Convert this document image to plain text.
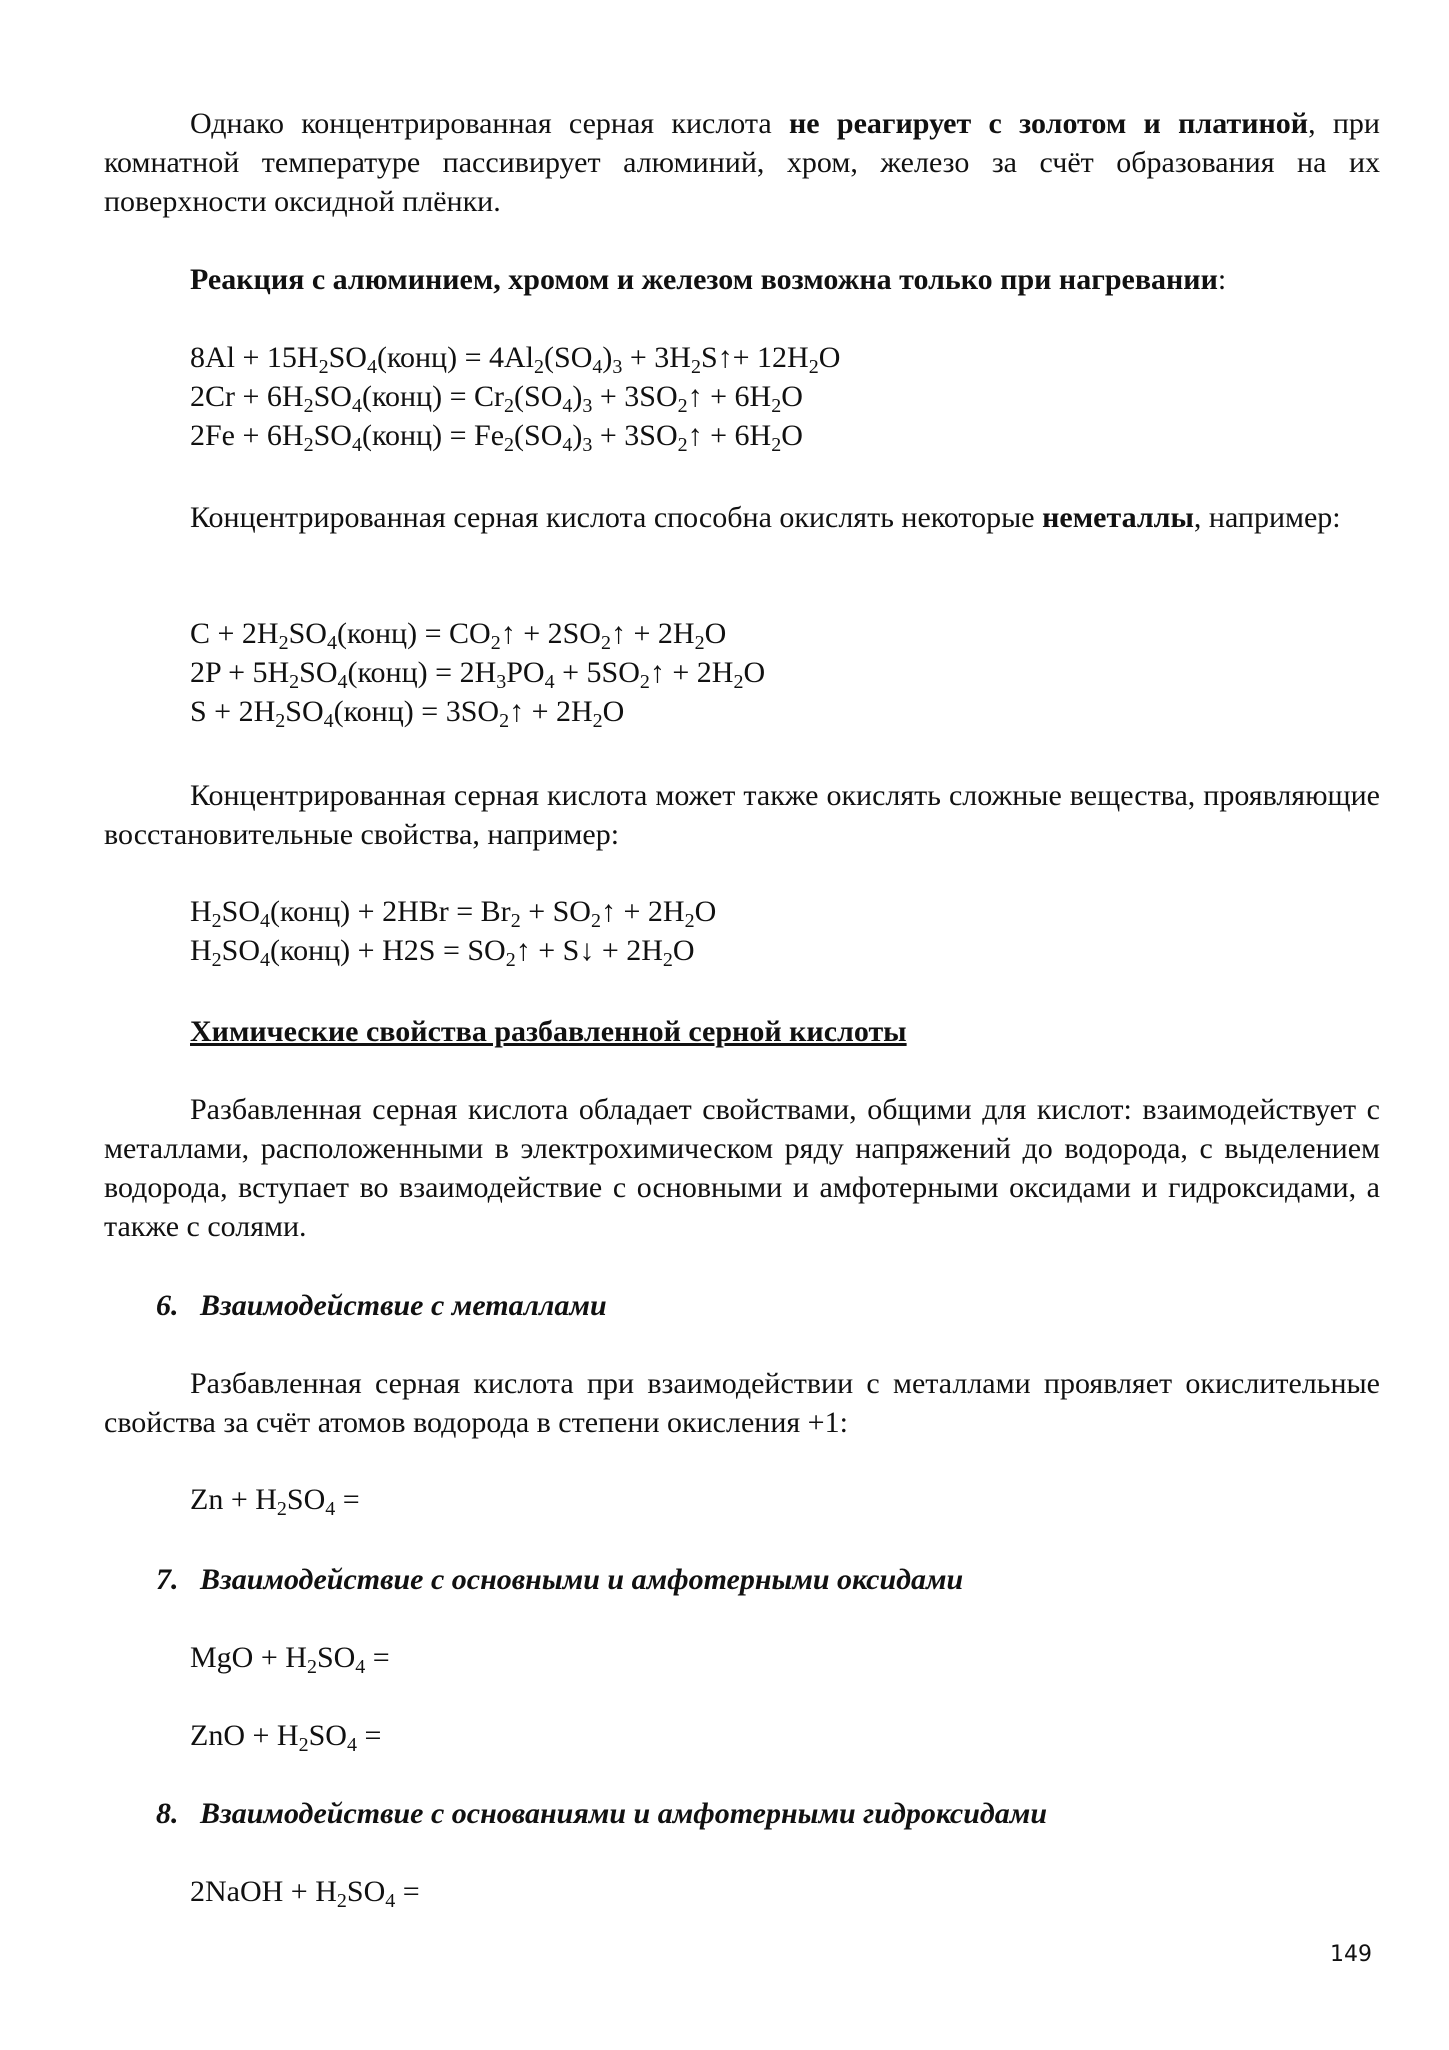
Однако концентрированная серная кислота не реагирует с золотом и платиной, при комнатной температуре пассивирует алюминий, хром, железо за счёт образования на их поверхности оксидной плёнки.

Реакция с алюминием, хромом и железом возможна только при нагревании:
$8Al + 15H_2SO_4(конц) = 4Al_2(SO_4)_3$ + $3H_2S↑+ 12H_2O$
$2Cr + 6H_2SO_4(конц) = Cr_2(SO_4)_3$ + $3SO_2↑ + 6H_2O$
$2Fe + 6H_2SO_4(конц) = Fe_2(SO_4)_3$ + $3SO_2↑ + 6H_2O$

Концентрированная серная кислота способна окислять некоторые неметаллы, например:

$C + 2H_2SO_4(конц)$ = $CO_2↑$ + $2SO_2↑ + 2H_2O$
$2P + 5H_2SO_4(конц) = 2H_3PO_4$ + $5SO_2↑ + 2H_2O$
$S + 2H_2SO_4(конц)$ = $3SO_2↑ + 2H_2O$

Концентрированная серная кислота может также окислять сложные вещества, проявляющие восстановительные свойства, например:

$H_2SO_4(конц) + 2HBr = Br_2$ + $SO_2↑ + 2H_2O$
$H_2SO_4(конц) + H2S$ = $SO_2↑$ + S↓ + $2H_2O$
Химические свойства разбавленной серной кислоты

Разбавленная серная кислота обладает свойствами, общими для кислот: взаимодействует с металлами, расположенными в электрохимическом ряду напряжений до водорода, с выделением водорода, вступает во взаимодействие с основными и амфотерными оксидами и гидроксидами, а также с солями.

6. Взаимодействие с металлами

Разбавленная серная кислота при взаимодействии с металлами проявляет окислительные свойства за счёт атомов водорода в степени окисления +1:

$Zn + H_2SO_4$ =
7. Взаимодействие с основными и амфотерными оксидами
MgO + $H_2SO_4$ =
ZnO + $H_2SO_4$ =
8. Взаимодействие с основаниями и амфотерными гидроксидами
2NaOH + $H_2SO_4$ =
149
